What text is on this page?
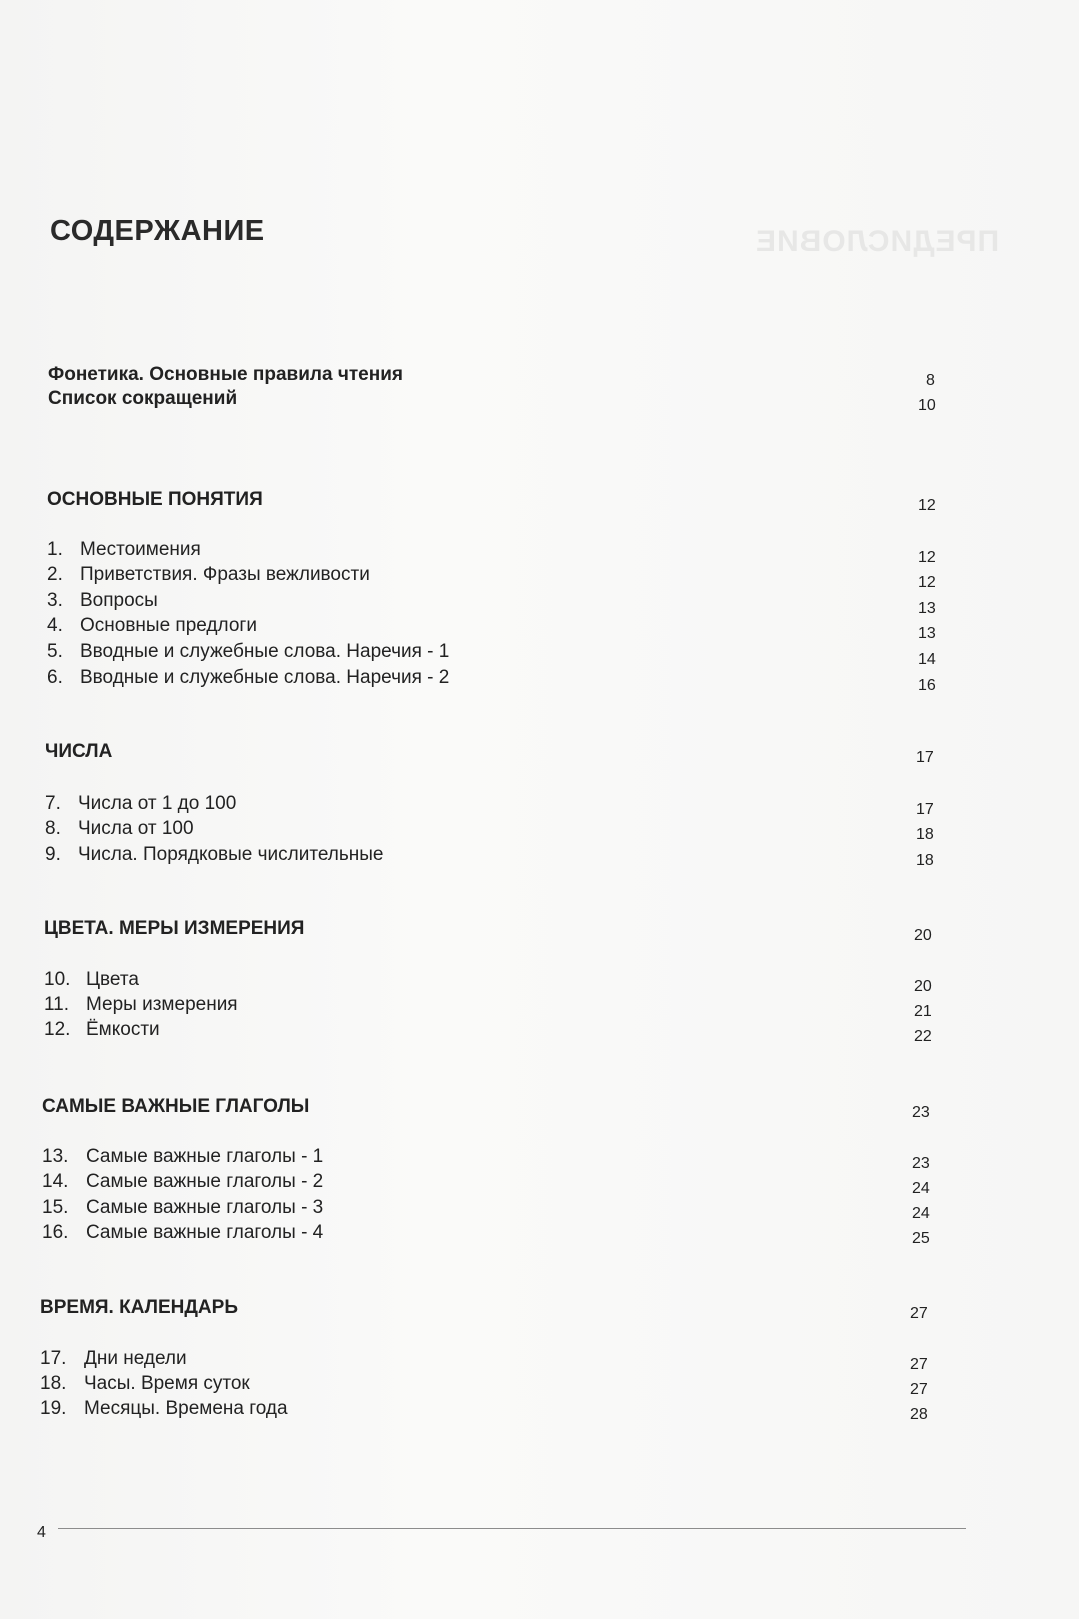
ПРЕДИСЛОВИЕ
СОДЕРЖАНИЕ
Фонетика. Основные правила чтения	8
Список сокращений	10
ОСНОВНЫЕ ПОНЯТИЯ	12
1. Местоимения	12
2. Приветствия. Фразы вежливости	12
3. Вопросы	13
4. Основные предлоги	13
5. Вводные и служебные слова. Наречия - 1	14
6. Вводные и служебные слова. Наречия - 2	16
ЧИСЛА	17
7. Числа от 1 до 100	17
8. Числа от 100	18
9. Числа. Порядковые числительные	18
ЦВЕТА. МЕРЫ ИЗМЕРЕНИЯ	20
10. Цвета	20
11. Меры измерения	21
12. Ёмкости	22
САМЫЕ ВАЖНЫЕ ГЛАГОЛЫ	23
13. Самые важные глаголы - 1	23
14. Самые важные глаголы - 2	24
15. Самые важные глаголы - 3	24
16. Самые важные глаголы - 4	25
ВРЕМЯ. КАЛЕНДАРЬ	27
17. Дни недели	27
18. Часы. Время суток	27
19. Месяцы. Времена года	28
4
